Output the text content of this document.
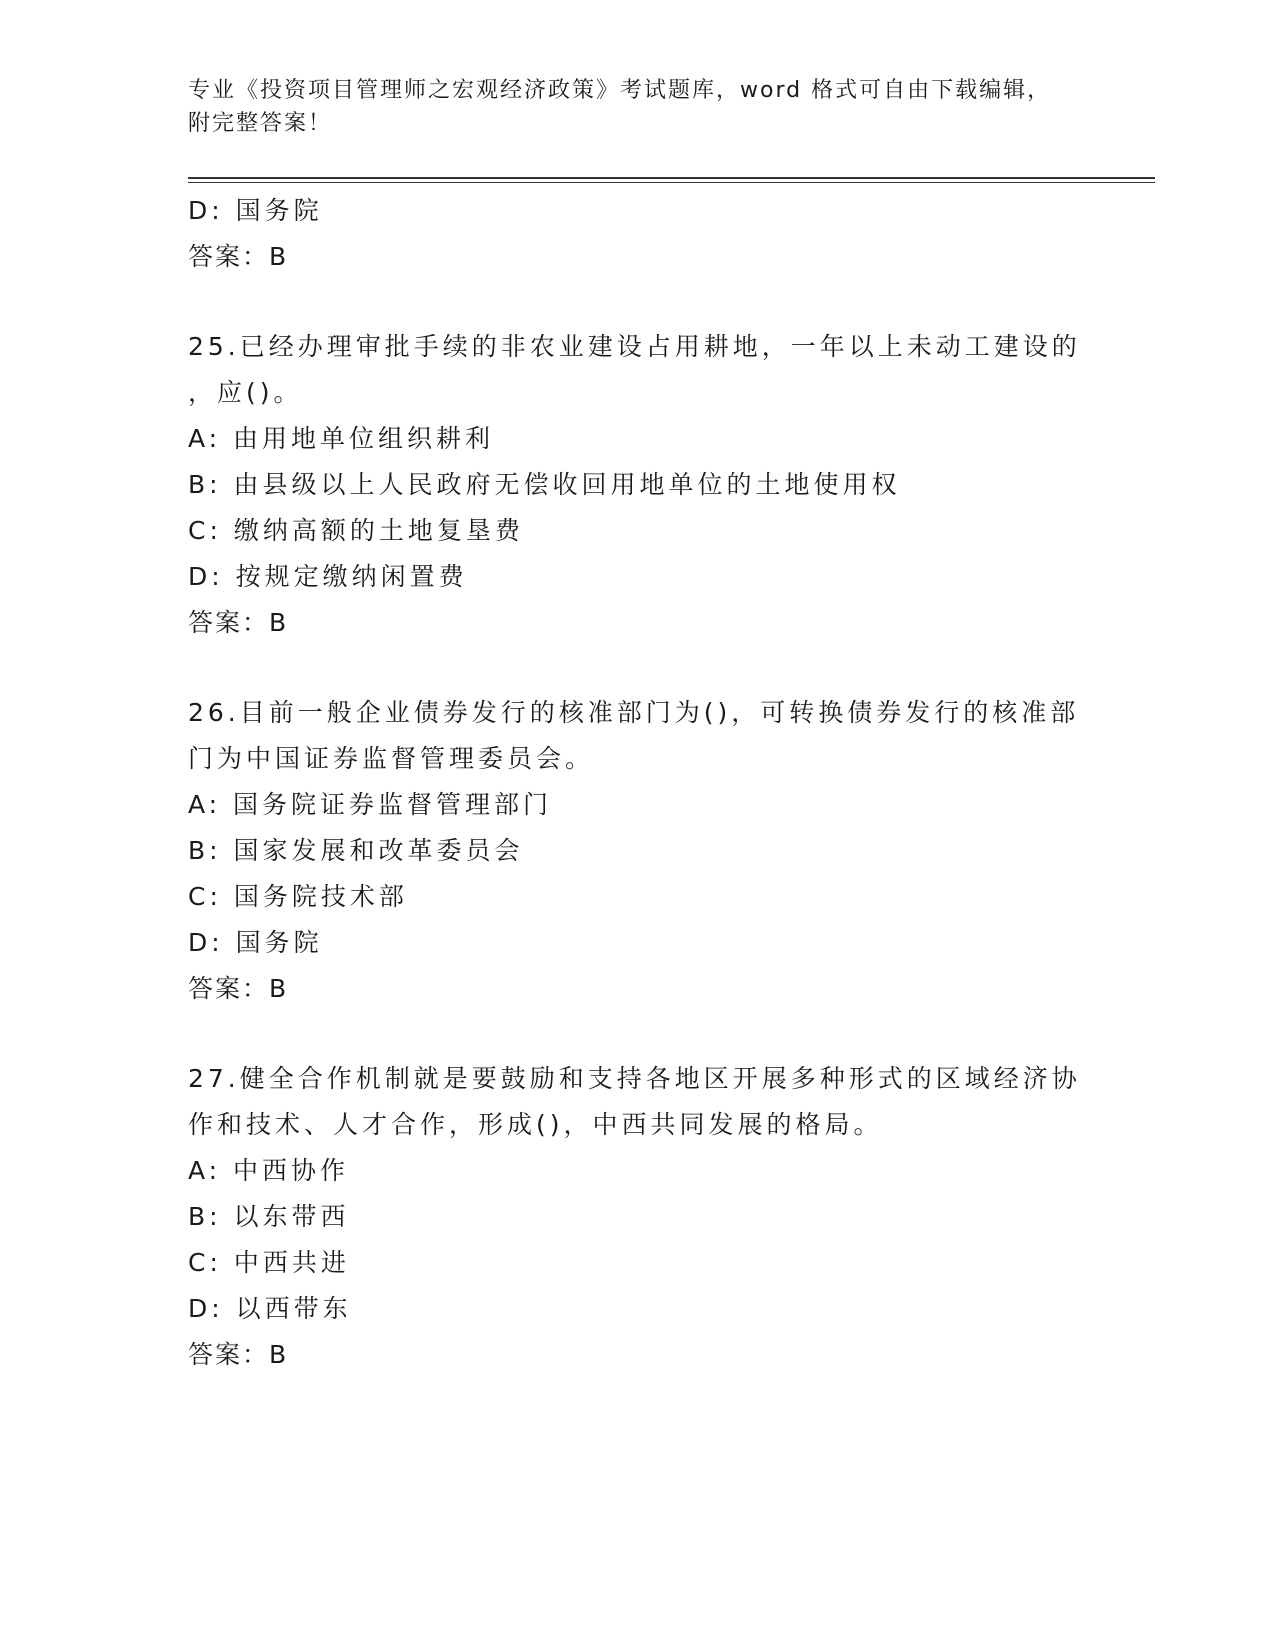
专业《投资项目管理师之宏观经济政策》考试题库，word 格式可自由下载编辑，
附完整答案！
D: 国务院
答案：B
25.已经办理审批手续的非农业建设占用耕地，一年以上未动工建设的
，应()。
A: 由用地单位组织耕利
B: 由县级以上人民政府无偿收回用地单位的土地使用权
C: 缴纳高额的土地复垦费
D: 按规定缴纳闲置费
答案：B
26.目前一般企业债券发行的核准部门为()，可转换债券发行的核准部
门为中国证券监督管理委员会。
A: 国务院证券监督管理部门
B: 国家发展和改革委员会
C: 国务院技术部
D: 国务院
答案：B
27.健全合作机制就是要鼓励和支持各地区开展多种形式的区域经济协
作和技术、人才合作，形成()，中西共同发展的格局。
A: 中西协作
B: 以东带西
C: 中西共进
D: 以西带东
答案：B
